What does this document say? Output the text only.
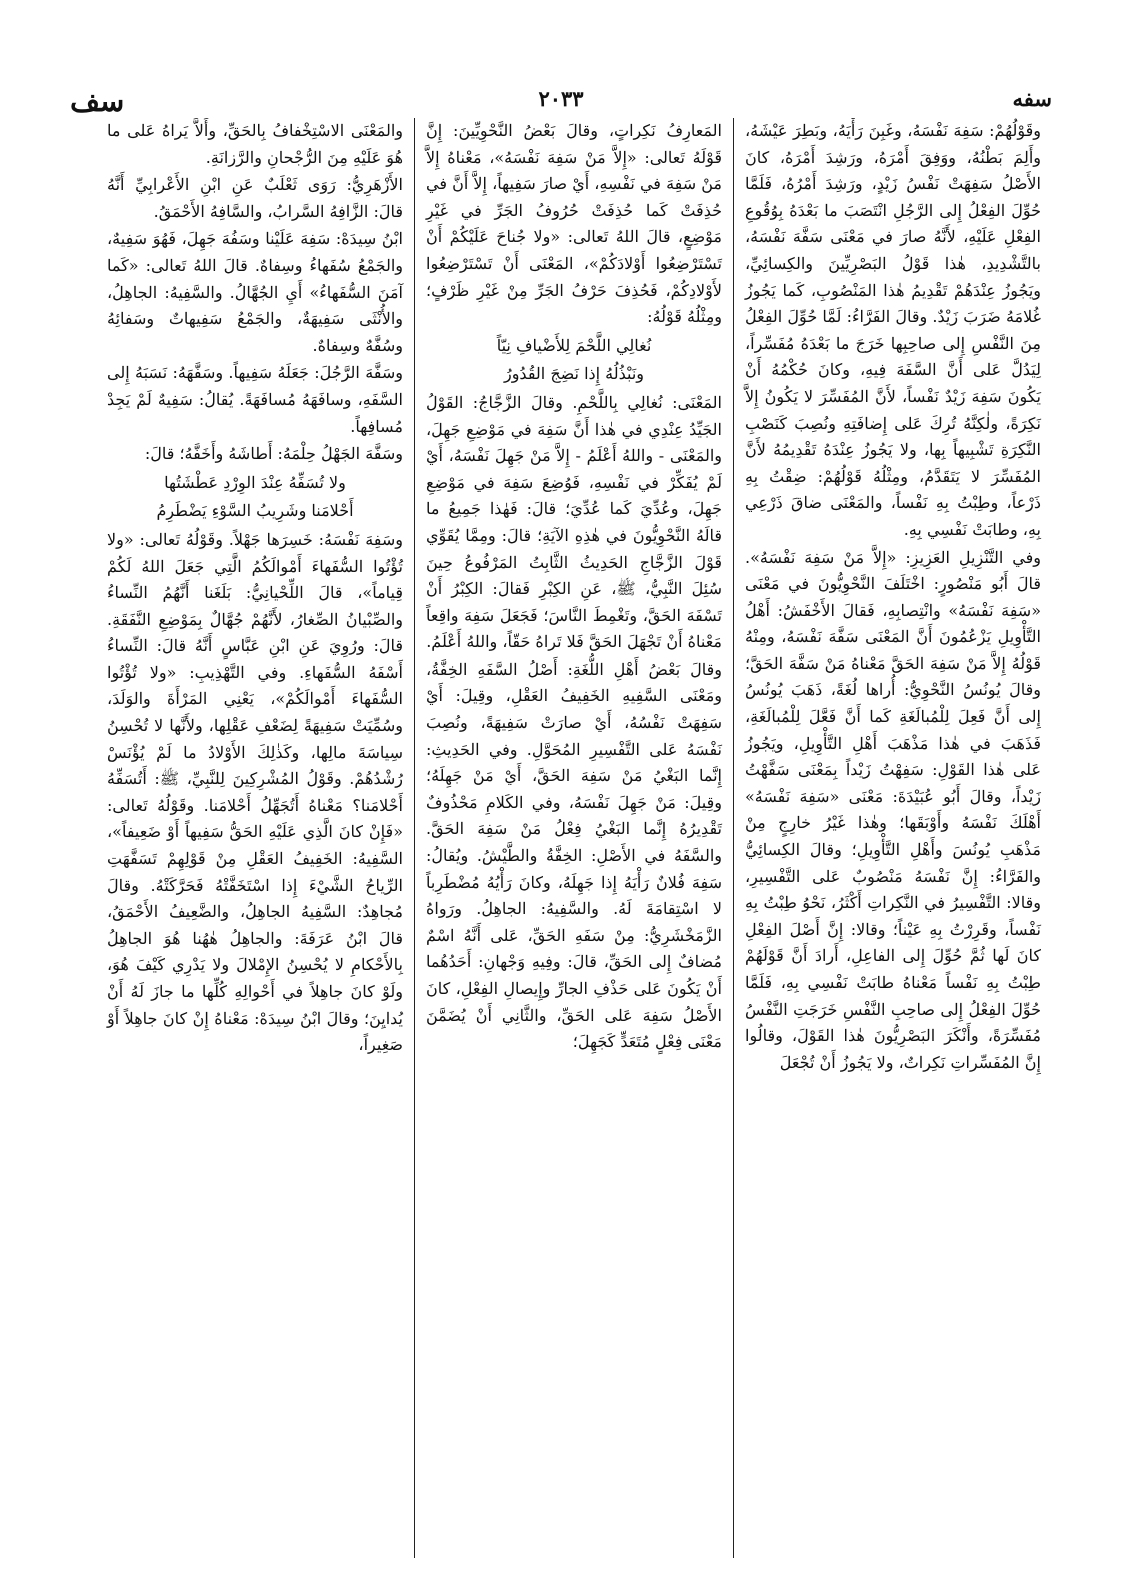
سفه
٢٠٣٣
سف

وقَوْلُهُمْ: سَفِهَ نَفْسَهُ، وغَبِنَ رَأْيَهُ، وبَطِرَ عَيْشَهُ، وأَلِمَ بَطْنُهُ، ووَفِقَ أَمْرَهُ، ورَشِدَ أَمْرَهُ، كانَ الأَصْلُ سَفِهَتْ نَفْسُ زَيْدٍ، ورَشِدَ أَمْرُهُ، فَلَمَّا حُوِّلَ الفِعْلُ إِلى الرَّجُلِ انْتَصَبَ ما بَعْدَهُ بِوُقُوعِ الفِعْلِ عَلَيْهِ، لأَنَّهُ صارَ في مَعْنَى سَفَّهَ نَفْسَهُ، بالتَّشْدِيدِ، هٰذا قَوْلُ البَصْرِيِّينَ والكِسائِيِّ، ويَجُوزُ عِنْدَهُمْ تَقْدِيمُ هٰذا المَنْصُوبِ، كَما يَجُوزُ غُلامَهُ ضَرَبَ زَيْدٌ. وقالَ الفَرَّاءُ: لَمَّا حُوِّلَ الفِعْلُ مِنَ النَّفْسِ إِلى صاحِبِها خَرَجَ ما بَعْدَهُ مُفَسِّراً، لِيَدُلَّ عَلى أَنَّ السَّفَهَ فِيهِ، وكانَ حُكْمُهُ أَنْ يَكُونَ سَفِهَ زَيْدٌ نَفْساً، لأَنَّ المُفَسِّرَ لا يَكُونُ إِلاَّ نَكِرَةً، ولٰكِنَّهُ تُرِكَ عَلى إِضافَتِهِ ونُصِبَ كَنَصْبِ النَّكِرَةِ تَشْبِيهاً بِها، ولا يَجُوزُ عِنْدَهُ تَقْدِيمُهُ لأَنَّ المُفَسِّرَ لا يَتَقَدَّمُ، ومِثْلُهُ قَوْلُهُمْ: ضِقْتُ بِهِ ذَرْعاً، وطِبْتُ بِهِ نَفْساً، والمَعْنَى ضاقَ ذَرْعِي بِهِ، وطابَتْ نَفْسِي بِهِ.

وفي التَّنْزِيلِ العَزِيزِ: «إِلاَّ مَنْ سَفِهَ نَفْسَهُ». قالَ أَبُو مَنْصُورٍ: اخْتَلَفَ النَّحْوِيُّونَ في مَعْنَى «سَفِهَ نَفْسَهُ» وانْتِصابِهِ، فَقالَ الأَخْفَشُ: أَهْلُ التَّأْوِيلِ يَزْعُمُونَ أَنَّ المَعْنَى سَفَّهَ نَفْسَهُ، ومِنْهُ قَوْلُهُ إِلاَّ مَنْ سَفِهَ الحَقَّ مَعْناهُ مَنْ سَفَّهَ الحَقَّ؛ وقالَ يُونُسُ النَّحْوِيُّ: أُراها لُغَةً، ذَهَبَ يُونُسُ إِلى أَنَّ فَعِلَ لِلْمُبالَغَةِ كَما أَنَّ فَعَّلَ لِلْمُبالَغَةِ، فَذَهَبَ في هٰذا مَذْهَبَ أَهْلِ التَّأْوِيلِ، ويَجُوزُ عَلى هٰذا القَوْلِ: سَفِهْتُ زَيْداً بِمَعْنَى سَفَّهْتُ زَيْداً، وقالَ أَبُو عُبَيْدَةَ: مَعْنَى «سَفِهَ نَفْسَهُ» أَهْلَكَ نَفْسَهُ وأَوْبَقَها؛ وهٰذا غَيْرُ خارِجٍ مِنْ مَذْهَبِ يُونُسَ وأَهْلِ التَّأْوِيلِ؛ وقالَ الكِسائِيُّ والفَرَّاءُ: إِنَّ نَفْسَهُ مَنْصُوبٌ عَلى التَّفْسِيرِ، وقالا: التَّفْسِيرُ في النَّكِراتِ أَكْثَرُ، نَحْوُ طِبْتُ بِهِ نَفْساً، وقَرِرْتُ بِهِ عَيْناً؛ وقالا: إِنَّ أَصْلَ الفِعْلِ كانَ لَها ثُمَّ حُوِّلَ إِلى الفاعِلِ، أَرادَ أَنَّ قَوْلَهُمْ طِبْتُ بِهِ نَفْساً مَعْناهُ طابَتْ نَفْسِي بِهِ، فَلَمَّا حُوِّلَ الفِعْلُ إِلى صاحِبِ النَّفْسِ خَرَجَتِ النَّفْسُ مُفَسِّرَةً، وأَنْكَرَ البَصْرِيُّونَ هٰذا القَوْلَ، وقالُوا إِنَّ المُفَسِّراتِ نَكِراتٌ، ولا يَجُوزُ أَنْ تُجْعَلَ

المَعارِفُ نَكِراتٍ، وقالَ بَعْضُ النَّحْوِيِّينَ: إِنَّ قَوْلَهُ تَعالى: «إِلاَّ مَنْ سَفِهَ نَفْسَهُ»، مَعْناهُ إِلاَّ مَنْ سَفِهَ في نَفْسِهِ، أَيْ صارَ سَفِيهاً، إِلاَّ أَنَّ في حُذِفَتْ كَما حُذِفَتْ حُرُوفُ الجَرِّ في غَيْرِ مَوْضِعٍ، قالَ اللهُ تَعالى: «ولا جُناحَ عَلَيْكُمْ أَنْ تَسْتَرْضِعُوا أَوْلادَكُمْ»، المَعْنَى أَنْ تَسْتَرْضِعُوا لأَوْلادِكُمْ، فَحُذِفَ حَرْفُ الجَرِّ مِنْ غَيْرِ ظَرْفٍ؛ ومِثْلُهُ قَوْلُهُ:

نُغالِي اللَّحْمَ لِلأَضْيافِ نِيّاً

ونَبْذُلُهُ إِذا نَضِجَ القُدُورُ

المَعْنَى: نُغالِي بِاللَّحْمِ. وقالَ الزَّجَّاجُ: القَوْلُ الجَيِّدُ عِنْدِي في هٰذا أَنَّ سَفِهَ في مَوْضِعِ جَهِلَ، والمَعْنَى - واللهُ أَعْلَمُ - إِلاَّ مَنْ جَهِلَ نَفْسَهُ، أَيْ لَمْ يُفَكِّرْ في نَفْسِهِ، فَوُضِعَ سَفِهَ في مَوْضِعِ جَهِلَ، وعُدِّيَ كَما عُدِّيَ؛ قالَ: فَهٰذا جَمِيعُ ما قالَهُ النَّحْوِيُّونَ في هٰذِهِ الآيَةِ؛ قالَ: ومِمَّا يُقَوِّي قَوْلَ الزَّجَّاجِ الحَدِيثُ الثَّابِتُ المَرْفُوعُ حِينَ سُئِلَ النَّبِيُّ، ﷺ، عَنِ الكِبْرِ فَقالَ: الكِبْرُ أَنْ تَسْفَهَ الحَقَّ، وتَغْمِطَ النَّاسَ؛ فَجَعَلَ سَفِهَ واقِعاً مَعْناهُ أَنْ تَجْهَلَ الحَقَّ فَلا تَراهُ حَقّاً، واللهُ أَعْلَمُ.

وقالَ بَعْضُ أَهْلِ اللُّغَةِ: أَصْلُ السَّفَهِ الخِفَّةُ، ومَعْنَى السَّفِيهِ الخَفِيفُ العَقْلِ، وقِيلَ: أَيْ سَفِهَتْ نَفْسُهُ، أَيْ صارَتْ سَفِيهَةً، ونُصِبَ نَفْسَهُ عَلى التَّفْسِيرِ المُحَوَّلِ. وفي الحَدِيثِ: إِنَّما البَغْيُ مَنْ سَفِهَ الحَقَّ، أَيْ مَنْ جَهِلَهُ؛ وقِيلَ: مَنْ جَهِلَ نَفْسَهُ، وفي الكَلامِ مَحْذُوفٌ تَقْدِيرُهُ إِنَّما البَغْيُ فِعْلُ مَنْ سَفِهَ الحَقَّ. والسَّفَهُ في الأَصْلِ: الخِفَّةُ والطَّيْشُ. ويُقالُ: سَفِهَ فُلانٌ رَأْيَهُ إِذا جَهِلَهُ، وكانَ رَأْيُهُ مُضْطَرِباً لا اسْتِقامَةَ لَهُ. والسَّفِيهُ: الجاهِلُ. ورَواهُ الزَّمَخْشَرِيُّ: مِنْ سَفَهِ الحَقِّ، عَلى أَنَّهُ اسْمٌ مُضافٌ إِلى الحَقِّ، قالَ: وفِيهِ وَجْهانِ: أَحَدُهُما أَنْ يَكُونَ عَلى حَذْفِ الجارِّ وإِيصالِ الفِعْلِ، كانَ الأَصْلُ سَفِهَ عَلى الحَقِّ، والثَّانِي أَنْ يُضَمَّنَ مَعْنَى فِعْلٍ مُتَعَدٍّ كَجَهِلَ؛

والمَعْنَى الاسْتِخْفافُ بِالحَقِّ، وأَلاَّ يَراهُ عَلى ما هُوَ عَلَيْهِ مِنَ الرُّجْحانِ والرَّزانَةِ.

الأَزْهَرِيُّ: رَوَى ثَعْلَبٌ عَنِ ابْنِ الأَعْرابِيِّ أَنَّهُ قالَ: الزَّافِهُ السَّرابُ، والسَّافِهُ الأَحْمَقُ.

ابْنُ سِيدَهْ: سَفِهَ عَلَيْنا وسَفُهَ جَهِلَ، فَهُوَ سَفِيهٌ، والجَمْعُ سُفَهاءُ وسِفاهٌ. قالَ اللهُ تَعالى: «كَما آمَنَ السُّفَهاءُ» أَيِ الجُهَّالُ. والسَّفِيهُ: الجاهِلُ، والأُنْثَى سَفِيهَةٌ، والجَمْعُ سَفِيهاتٌ وسَفائِهُ وسُفَّهٌ وسِفاهٌ.

وسَفَّهَ الرَّجُلَ: جَعَلَهُ سَفِيهاً. وسَفَّهَهُ: نَسَبَهُ إِلى السَّفَهِ، وسافَهَهُ مُسافَهَةً. يُقالُ: سَفِيهٌ لَمْ يَجِدْ مُسافِهاً.

وسَفَّهَ الجَهْلُ حِلْمَهُ: أَطاشَهُ وأَخَفَّهُ؛ قالَ:

ولا تُسَفِّهُ عِنْدَ الوِرْدِ عَطْشَتُها

أَحْلامَنا وشَرِيبُ السَّوْءِ يَضْطَرِمُ

وسَفِهَ نَفْسَهُ: خَسِرَها جَهْلاً. وقَوْلُهُ تَعالى: «ولا تُؤْتُوا السُّفَهاءَ أَمْوالَكُمُ الَّتِي جَعَلَ اللهُ لَكُمْ قِياماً»، قالَ اللِّحْيانِيُّ: بَلَغَنا أَنَّهُمُ النِّساءُ والصِّبْيانُ الصِّغارُ، لأَنَّهُمْ جُهَّالٌ بِمَوْضِعِ النَّفَقَةِ. قالَ: ورُوِيَ عَنِ ابْنِ عَبَّاسٍ أَنَّهُ قالَ: النِّساءُ أَسْفَهُ السُّفَهاءِ. وفي التَّهْذِيبِ: «ولا تُؤْتُوا السُّفَهاءَ أَمْوالَكُمْ»، يَعْنِي المَرْأَةَ والوَلَدَ، وسُمِّيَتْ سَفِيهَةً لِضَعْفِ عَقْلِها، ولأَنَّها لا تُحْسِنُ سِياسَةَ مالِها، وكَذٰلِكَ الأَوْلادُ ما لَمْ يُؤْنَسْ رُشْدُهُمْ. وقَوْلُ المُشْرِكِينَ لِلنَّبِيِّ، ﷺ: أَتُسَفِّهُ أَحْلامَنا؟ مَعْناهُ أَتُجَهِّلُ أَحْلامَنا. وقَوْلُهُ تَعالى: «فَإِنْ كانَ الَّذِي عَلَيْهِ الحَقُّ سَفِيهاً أَوْ ضَعِيفاً»، السَّفِيهُ: الخَفِيفُ العَقْلِ مِنْ قَوْلِهِمْ تَسَفَّهَتِ الرِّياحُ الشَّيْءَ إِذا اسْتَخَفَّتْهُ فَحَرَّكَتْهُ. وقالَ مُجاهِدٌ: السَّفِيهُ الجاهِلُ، والضَّعِيفُ الأَحْمَقُ، قالَ ابْنُ عَرَفَةَ: والجاهِلُ هٰهُنا هُوَ الجاهِلُ بِالأَحْكامِ لا يُحْسِنُ الإِمْلالَ ولا يَدْرِي كَيْفَ هُوَ، ولَوْ كانَ جاهِلاً في أَحْوالِهِ كُلِّها ما جازَ لَهُ أَنْ يُدايِنَ؛ وقالَ ابْنُ سِيدَهْ: مَعْناهُ إِنْ كانَ جاهِلاً أَوْ صَغِيراً،
